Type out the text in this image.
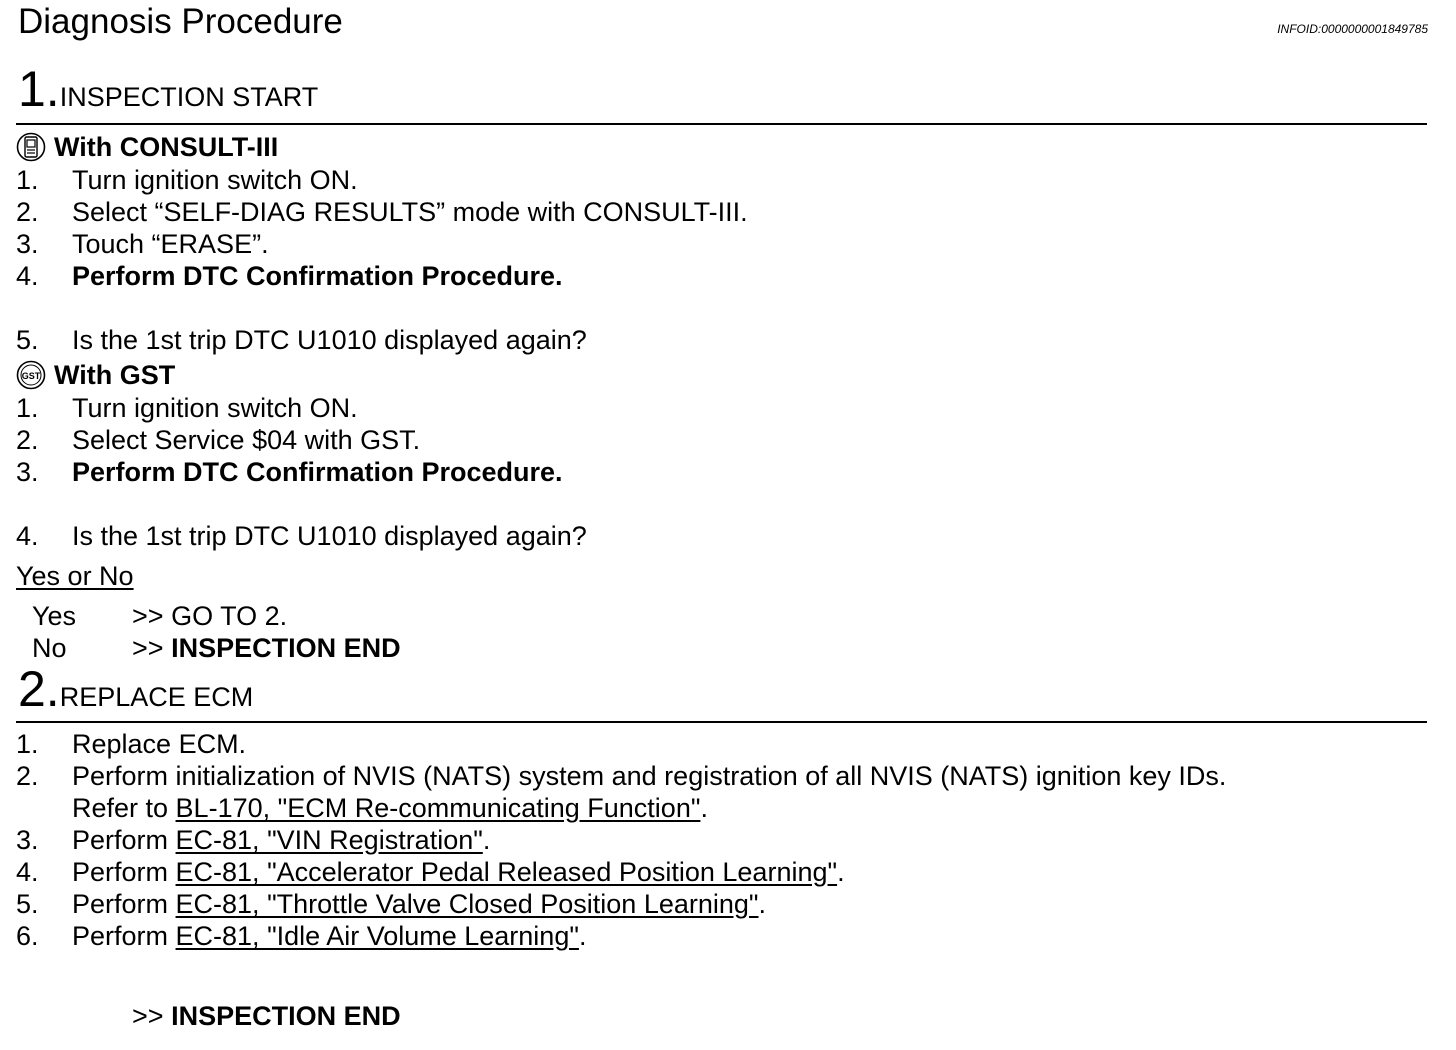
Diagnosis Procedure	INFOID:0000000001849785
1.INSPECTION START
With CONSULT-III
1. Turn ignition switch ON.
2. Select “SELF-DIAG RESULTS” mode with CONSULT-III.
3. Touch “ERASE”.
4. Perform DTC Confirmation Procedure.
5. Is the 1st trip DTC U1010 displayed again?
GST With GST
1. Turn ignition switch ON.
2. Select Service $04 with GST.
3. Perform DTC Confirmation Procedure.
4. Is the 1st trip DTC U1010 displayed again?
Yes or No
Yes >> GO TO 2.
No >> INSPECTION END
2.REPLACE ECM
1. Replace ECM.
2. Perform initialization of NVIS (NATS) system and registration of all NVIS (NATS) ignition key IDs.
Refer to BL-170, "ECM Re-communicating Function".
3. Perform EC-81, "VIN Registration".
4. Perform EC-81, "Accelerator Pedal Released Position Learning".
5. Perform EC-81, "Throttle Valve Closed Position Learning".
6. Perform EC-81, "Idle Air Volume Learning".
>> INSPECTION END
